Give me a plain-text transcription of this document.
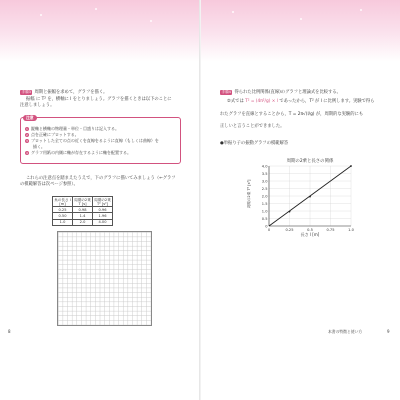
手順3 周期と振幅を求めて，グラフを描く。
振幅 に T² を，横軸に l をとりましょう。グラフを描くときは以下のことに
注意しましょう。
注意
1 縦軸と横軸の物理量・単位・目盛りは記入する。
2 点を正確にプロットする。
3 プロットした全ての点の近くを直線をるように直線（もしくは曲線）を
描く。
4 グラフ用紙の内側に軸が存在するように軸を配置する。
これらの注意点を踏まえたうえで，下のグラフに描いてみましょう（←グラフ
の模範解答は次ページ参照）。
糸の長さ l [m]	周期の2乗 T [s]	周期の2乗 T² [s²]
0.25	0.98	0.96
0.50	1.4	1.96
1.0	2.0	4.00
8
手順4 得られた比例関係(直線)のグラフと理論式を比較する。
②式では T² = (4π²/g) × l であったから，T² が l に比例します。実験で得ら
れたグラフを直線とすることから，T = 2π√(l/g) が，周期的な実験的にも
正しいと言うことができました。
●単振り子の振動グラフの模範解答
本書の特徴と使い方	9
周期の2乗と長さの関係
0
0.5
1.0
1.5
2.0
2.5
3.0
3.5
4.0
0	0.25	0.5	0.75	1.0
長さ l [m]
周期の2乗 T² [s²]
